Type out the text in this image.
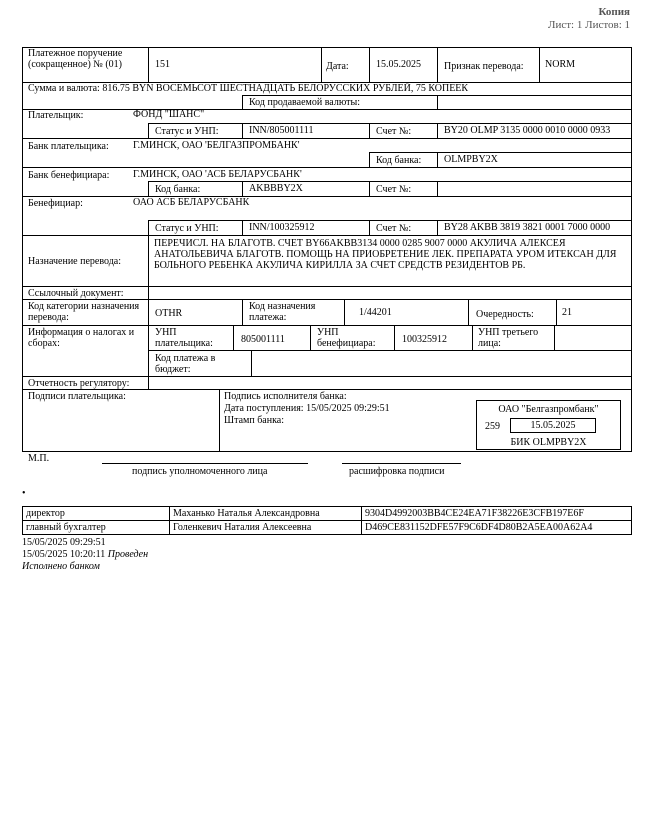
Копия
Лист: 1 Листов: 1
Платежное поручение (сокращенное) № (01)	151	Дата:	15.05.2025 Признак перевода: NORM
Сумма и валюта: 816.75 BYN ВОСЕМЬСОТ ШЕСТНАДЦАТЬ БЕЛОРУССКИХ РУБЛЕЙ, 75 КОПЕЕК
Код продаваемой валюты:
Плательщик:	ФОНД "ШАНС"
Статус и УНП:	INN/805001111	Счет №:	BY20 OLMP 3135 0000 0010 0000 0933
Банк плательщика: Г.МИНСК, ОАО 'БЕЛГАЗПРОМБАНК'
Код банка: OLMPBY2X
Банк бенефициара: Г.МИНСК, ОАО 'АСБ БЕЛАРУСБАНК'
Код банка:	AKBBBY2X	Счет №:
Бенефициар:	ОАО АСБ БЕЛАРУСБАНК
Статус и УНП:	INN/100325912	Счет №:	BY28 AKBB 3819 3821 0001 7000 0000
Назначение перевода:
ПЕРЕЧИСЛ. НА БЛАГОТВ. СЧЕТ BY66AKBB3134 0000 0285 9007 0000 АКУЛИЧА АЛЕКСЕЯ АНАТОЛЬЕВИЧА БЛАГОТВ. ПОМОЩЬ НА ПРИОБРЕТЕНИЕ ЛЕК. ПРЕПАРАТА УРОМ ИТЕКСАН ДЛЯ БОЛЬНОГО РЕБЕНКА АКУЛИЧА КИРИЛЛА ЗА СЧЕТ СРЕДСТВ РЕЗИДЕНТОВ РБ.
Ссылочный документ:
Код категории назначения перевода:	OTHR
Код назначения платежа:	1/44201	Очередность:	21
Информация о налогах и сборах:
УНП плательщика:	805001111
УНП бенефициара:	100325912
УНП третьего лица:
Код платежа в бюджет:
Отчетность регулятору:
Подписи плательщика:	Подпись исполнителя банка:
Дата поступления: 15/05/2025 09:29:51
Штамп банка:
ОАО "Белгазпромбанк"
259	15.05.2025
БИК OLMPBY2X
М.П.
подпись уполномоченного лица	расшифровка подписи
•
директор	Маханько Наталья Александровна	9304D4992003BB4CE24EA71F38226E3CFB197E6F
главный бухгалтер	Голенкевич Наталия Алексеевна	D469CE831152DFE57F9C6DF4D80B2A5EA00A62A4
15/05/2025 09:29:51
15/05/2025 10:20:11 Проведен
Исполнено банком
